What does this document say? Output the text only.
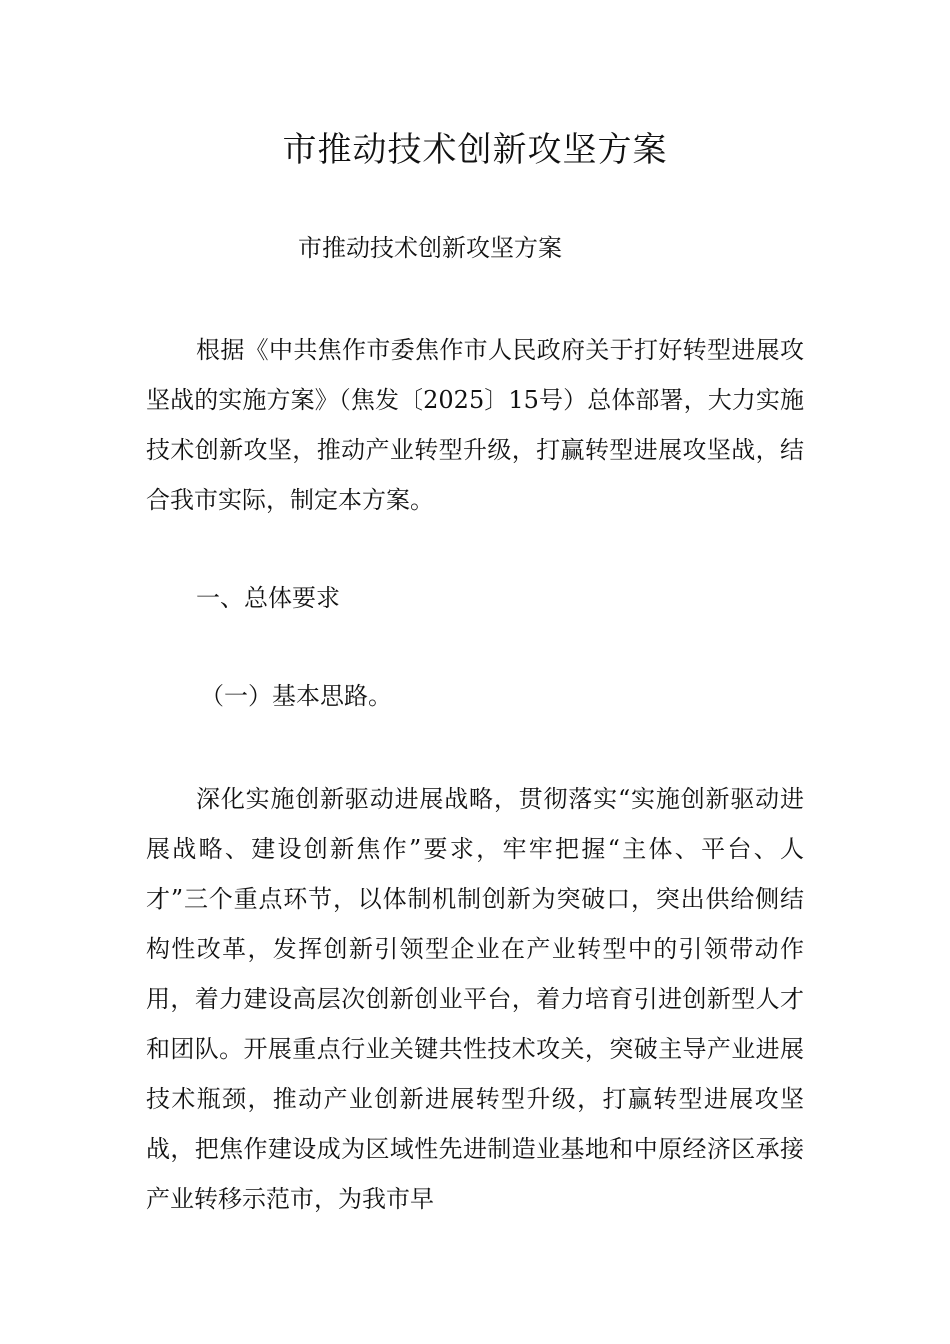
市推动技术创新攻坚方案

市推动技术创新攻坚方案

根据《中共焦作市委焦作市人民政府关于打好转型进展攻坚战的实施方案》（焦发〔2025〕15号）总体部署，大力实施技术创新攻坚，推动产业转型升级，打赢转型进展攻坚战，结合我市实际，制定本方案。

一、总体要求

（一）基本思路。

深化实施创新驱动进展战略，贯彻落实“实施创新驱动进展战略、建设创新焦作”要求，牢牢把握“主体、平台、人才”三个重点环节，以体制机制创新为突破口，突出供给侧结构性改革，发挥创新引领型企业在产业转型中的引领带动作用，着力建设高层次创新创业平台，着力培育引进创新型人才和团队。开展重点行业关键共性技术攻关，突破主导产业进展技术瓶颈，推动产业创新进展转型升级，打赢转型进展攻坚战，把焦作建设成为区域性先进制造业基地和中原经济区承接产业转移示范市，为我市早
